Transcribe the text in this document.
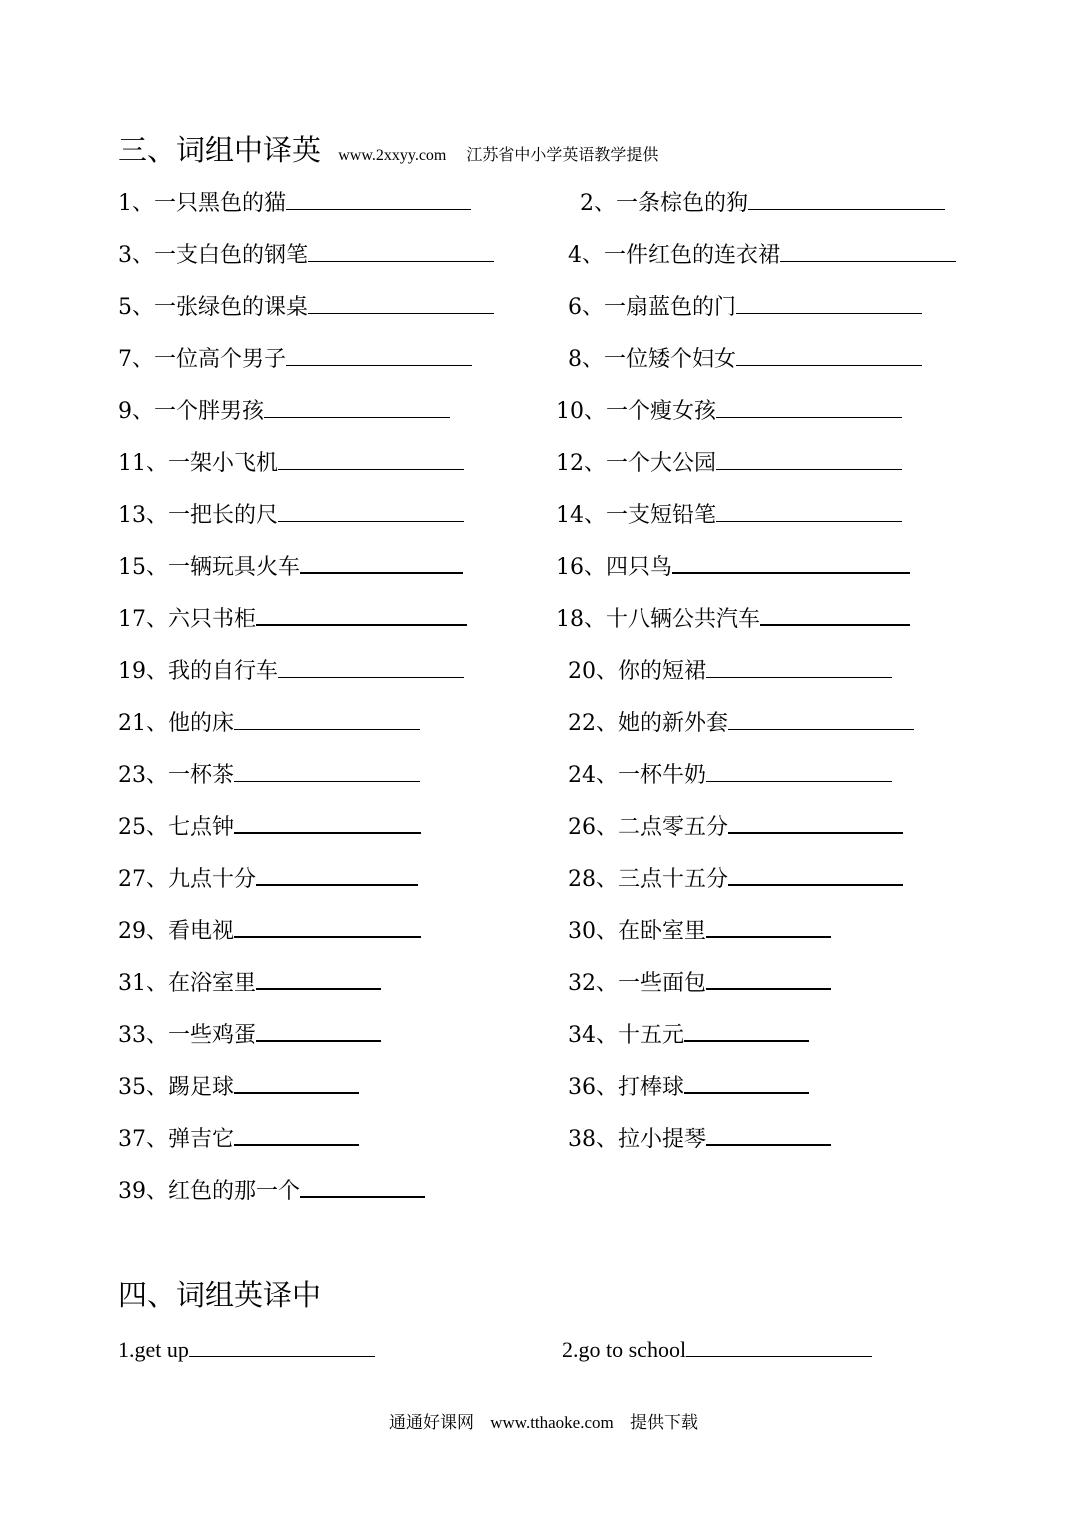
三、词组中译英 www.2xxyy.com 江苏省中小学英语教学提供
1、一只黑色的猫	2、一条棕色的狗
3、一支白色的钢笔	4、一件红色的连衣裙
5、一张绿色的课桌	6、一扇蓝色的门
7、一位高个男子	8、一位矮个妇女
9、一个胖男孩	10、一个瘦女孩
11、一架小飞机	12、一个大公园
13、一把长的尺	14、一支短铅笔
15、一辆玩具火车	16、四只鸟
17、六只书柜	18、十八辆公共汽车
19、我的自行车	20、你的短裙
21、他的床	22、她的新外套
23、一杯茶	24、一杯牛奶
25、七点钟	26、二点零五分
27、九点十分	28、三点十五分
29、看电视	30、在卧室里
31、在浴室里	32、一些面包
33、一些鸡蛋	34、十五元
35、踢足球	36、打棒球
37、弹吉它	38、拉小提琴
39、红色的那一个
四、词组英译中
1.get up	2.go to school
通通好课网 www.tthaoke.com 提供下载
